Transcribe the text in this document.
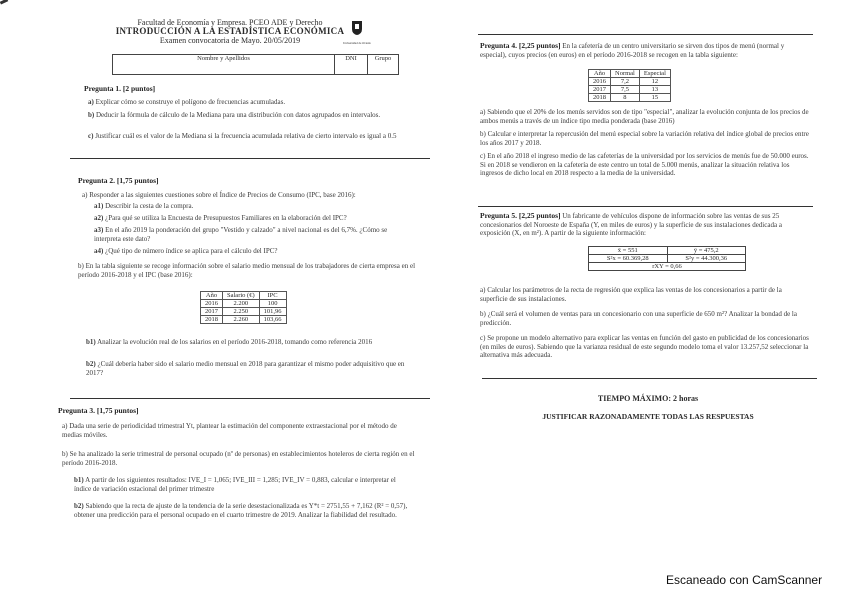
Facultad de Economía y Empresa. PCEO ADE y Derecho
INTRODUCCIÓN A LA ESTADÍSTICA ECONÓMICA
Examen convocatoria de Mayo. 20/05/2019	Universidad de Oviedo
Nombre y Apellidos	DNI	Grupo
Pregunta 1. [2 puntos]
a) Explicar cómo se construye el polígono de frecuencias acumuladas.
b) Deducir la fórmula de cálculo de la Mediana para una distribución con datos agrupados en intervalos.
c) Justificar cuál es el valor de la Mediana si la frecuencia acumulada relativa de cierto intervalo es igual a 0.5
Pregunta 2. [1,75 puntos]
a) Responder a las siguientes cuestiones sobre el Índice de Precios de Consumo (IPC, base 2016):
a1) Describir la cesta de la compra.
a2) ¿Para qué se utiliza la Encuesta de Presupuestos Familiares en la elaboración del IPC?
a3) En el año 2019 la ponderación del grupo "Vestido y calzado" a nivel nacional es del 6,7%. ¿Cómo se interpreta este dato?
a4) ¿Qué tipo de número índice se aplica para el cálculo del IPC?
b) En la tabla siguiente se recoge información sobre el salario medio mensual de los trabajadores de cierta empresa en el período 2016-2018 y el IPC (base 2016):
Año	Salario (€)	IPC
2016	2.200	100
2017	2.250	101,96
2018	2.260	103,66
b1) Analizar la evolución real de los salarios en el período 2016-2018, tomando como referencia 2016
b2) ¿Cuál debería haber sido el salario medio mensual en 2018 para garantizar el mismo poder adquisitivo que en 2017?
Pregunta 3. [1,75 puntos]
a) Dada una serie de periodicidad trimestral Yt, plantear la estimación del componente extraestacional por el método de medias móviles.
b) Se ha analizado la serie trimestral de personal ocupado (nº de personas) en establecimientos hoteleros de cierta región en el período 2016-2018.
b1) A partir de los siguientes resultados: IVE_I = 1,065; IVE_III = 1,285; IVE_IV = 0,883, calcular e interpretar el índice de variación estacional del primer trimestre
b2) Sabiendo que la recta de ajuste de la tendencia de la serie desestacionalizada es Y*t = 2751,55 + 7,162 (R² = 0,57), obtener una predicción para el personal ocupado en el cuarto trimestre de 2019. Analizar la fiabilidad del resultado.
Pregunta 4. [2,25 puntos] En la cafetería de un centro universitario se sirven dos tipos de menú (normal y especial), cuyos precios (en euros) en el período 2016-2018 se recogen en la tabla siguiente:
Año	Normal	Especial
2016	7,2	12
2017	7,5	13
2018	8	15
a) Sabiendo que el 20% de los menús servidos son de tipo "especial", analizar la evolución conjunta de los precios de ambos menús a través de un índice tipo media ponderada (base 2016)
b) Calcular e interpretar la repercusión del menú especial sobre la variación relativa del índice global de precios entre los años 2017 y 2018.
c) En el año 2018 el ingreso medio de las cafeterías de la universidad por los servicios de menús fue de 50.000 euros. Si en 2018 se vendieron en la cafetería de este centro un total de 5.000 menús, analizar la situación relativa los ingresos de dicho local en 2018 respecto a la media de la universidad.
Pregunta 5. [2,25 puntos] Un fabricante de vehículos dispone de información sobre las ventas de sus 25 concesionarios del Noroeste de España (Y, en miles de euros) y la superficie de sus instalaciones dedicada a exposición (X, en m²). A partir de la siguiente información:
x̄ = 551	ȳ = 475,2
S²x = 60.369,28	S²y = 44.300,36
rXY = 0,66
a) Calcular los parámetros de la recta de regresión que explica las ventas de los concesionarios a partir de la superficie de sus instalaciones.
b) ¿Cuál será el volumen de ventas para un concesionario con una superficie de 650 m²? Analizar la bondad de la predicción.
c) Se propone un modelo alternativo para explicar las ventas en función del gasto en publicidad de los concesionarios (en miles de euros). Sabiendo que la varianza residual de este segundo modelo toma el valor 13.257,52 seleccionar la alternativa más adecuada.
TIEMPO MÁXIMO: 2 horas
JUSTIFICAR RAZONADAMENTE TODAS LAS RESPUESTAS
Escaneado con CamScanner
